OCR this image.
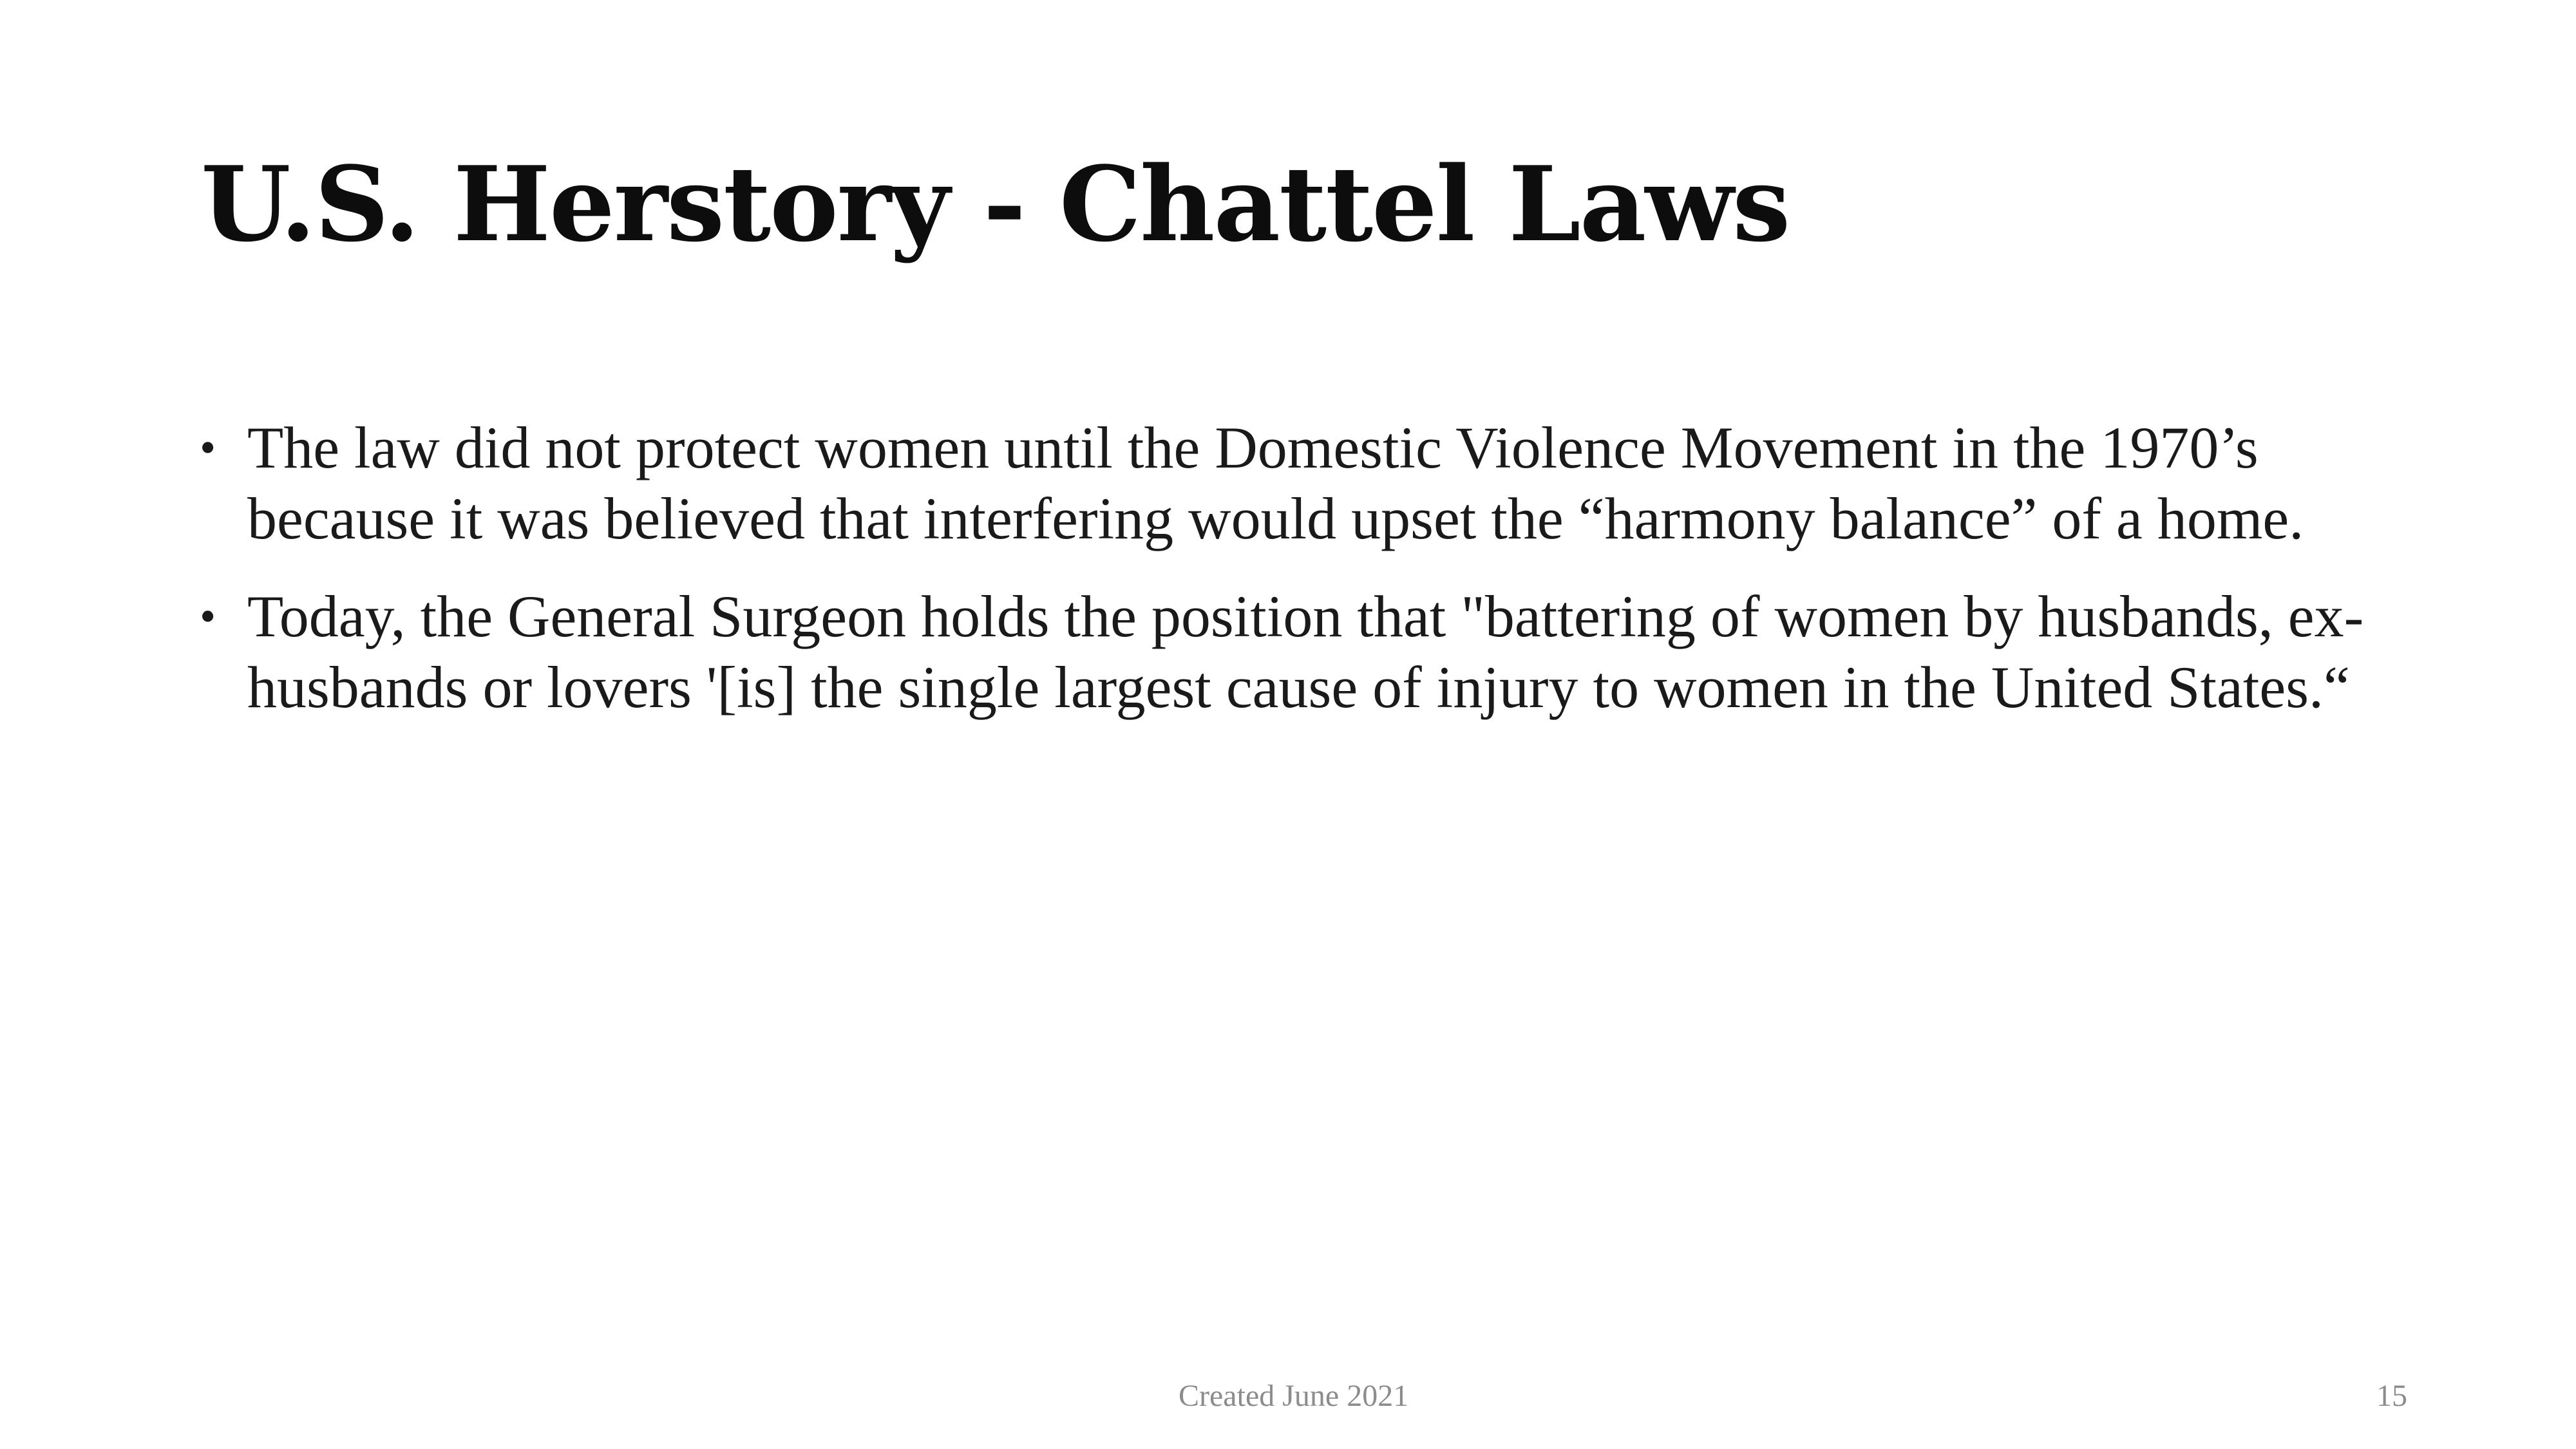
U.S. Herstory - Chattel Laws
• The law did not protect women until the Domestic Violence Movement in the 1970’s because it was believed that interfering would upset the “harmony balance” of a home.
• Today, the General Surgeon holds the position that "battering of women by husbands, ex-husbands or lovers '[is] the single largest cause of injury to women in the United States.“
Created June 2021	15
